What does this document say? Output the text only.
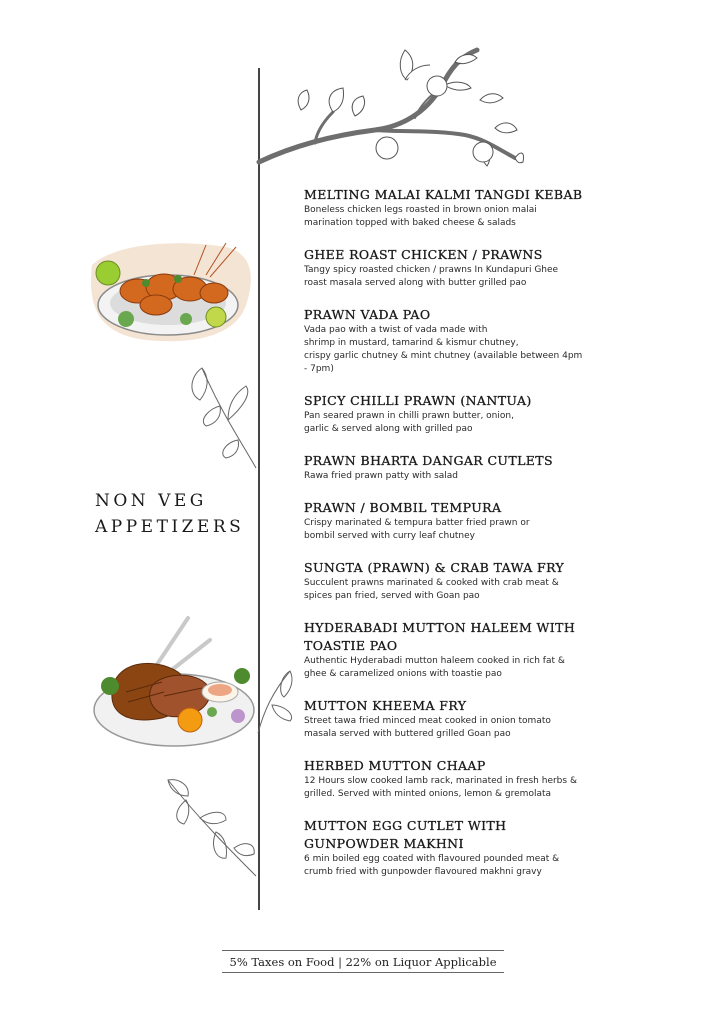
NON VEG
APPETIZERS
MELTING MALAI KALMI TANGDI KEBAB
Boneless chicken legs roasted in brown onion malai
marination topped with baked cheese & salads
GHEE ROAST CHICKEN / PRAWNS
Tangy spicy roasted chicken / prawns In Kundapuri Ghee
roast masala served along with butter grilled pao
PRAWN VADA PAO
Vada pao with a twist of vada made with
shrimp in mustard, tamarind & kismur chutney,
crispy garlic chutney & mint chutney (available between 4pm
- 7pm)
SPICY CHILLI PRAWN (NANTUA)
Pan seared prawn in chilli prawn butter, onion,
garlic & served along with grilled pao
PRAWN BHARTA DANGAR CUTLETS
Rawa fried prawn patty with salad
PRAWN / BOMBIL TEMPURA
Crispy marinated & tempura batter fried prawn or
bombil served with curry leaf chutney
SUNGTA (PRAWN) & CRAB TAWA FRY
Succulent prawns marinated & cooked with crab meat &
spices pan fried, served with Goan pao
HYDERABADI MUTTON HALEEM WITH TOASTIE PAO
Authentic Hyderabadi mutton haleem cooked in rich fat &
ghee & caramelized onions with toastie pao
MUTTON KHEEMA FRY
Street tawa fried minced meat cooked in onion tomato
masala served with buttered grilled Goan pao
HERBED MUTTON CHAAP
12 Hours slow cooked lamb rack, marinated in fresh herbs &
grilled. Served with minted onions, lemon & gremolata
MUTTON EGG CUTLET WITH GUNPOWDER MAKHNI
6 min boiled egg coated with flavoured pounded meat &
crumb fried with gunpowder flavoured makhni gravy
5% Taxes on Food | 22% on Liquor Applicable
